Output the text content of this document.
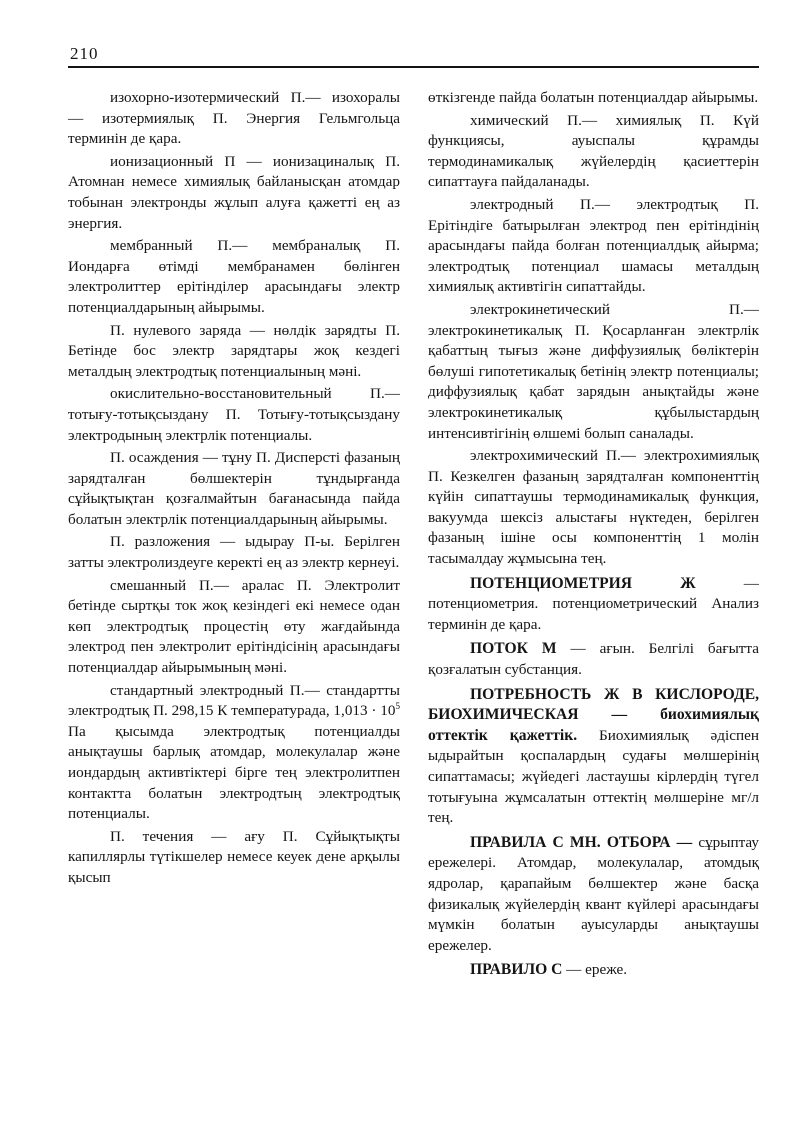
210

изохорно-изотермический П.— изохоралы — изотермиялық П. Энергия Гельмгольца терминін де қара.

ионизационный П — ионизациналық П. Атомнан немесе химиялық байланысқан атомдар тобынан электронды жұлып алуға қажетті ең аз энергия.

мембранный П.— мембраналық П. Иондарға өтімді мембранамен бөлінген электролиттер ерітінділер арасындағы электр потенциалдарының айырымы.

П. нулевого заряда — нөлдік зарядты П. Бетінде бос электр зарядтары жоқ кездегі металдың электродтық потенциалының мәні.

окислительно-восстановительный П.— тотығу-тотықсыздану П. Тотығу-тотықсыздану электродының электрлік потенциалы.

П. осаждения — тұну П. Дисперсті фазаның зарядталған бөлшектерін тұндырғанда сұйықтықтан қозғалмайтын бағанасында пайда болатын электрлік потенциалдарының айырымы.

П. разложения — ыдырау П-ы. Берілген затты электролиздеуге керекті ең аз электр кернеуі.

смешанный П.— аралас П. Электролит бетінде сыртқы ток жоқ кезіндегі екі немесе одан көп электродтық процестің өту жағдайында электрод пен электролит ерітіндісінің арасындағы потенциалдар айырымының мәні.

стандартный электродный П.— стандартты электродтық П. 298,15 К температурада, $1,013 \cdot 10^5$ Па қысымда электродтық потенциалды анықтаушы барлық атомдар, молекулалар және иондардың активтіктері бірге тең электролитпен контактта болатын электродтың электродтық потенциалы.

П. течения — ағу П. Сұйықтықты капиллярлы түтікшелер немесе кеуек дене арқылы қысып

өткізгенде пайда болатын потенциалдар айырымы.

химический П.— химиялық П. Күй функциясы, ауыспалы құрамды термодинамикалық жүйелердің қасиеттерін сипаттауға пайдаланады.

электродный П.— электродтық П. Ерітіндіге батырылған электрод пен ерітіндінің арасындағы пайда болған потенциалдық айырма; электродтық потенциал шамасы металдың химиялық активтігін сипаттайды.

электрокинетический П.— электрокинетикалық П. Қосарланған электрлік қабаттың тығыз және диффузиялық бөліктерін бөлуші гипотетикалық бетінің электр потенциалы; диффузиялық қабат зарядын анықтайды және электрокинетикалық құбылыстардың интенсивтігінің өлшемі болып саналады.

электрохимический П.— электрохимиялық П. Кезкелген фазаның зарядталған компоненттің күйін сипаттаушы термодинамикалық функция, вакуумда шексіз алыстағы нүктеден, берілген фазаның ішіне осы компоненттің 1 молін тасымалдау жұмысына тең.

ПОТЕНЦИОМЕТРИЯ Ж — потенциометрия. потенциометрический Анализ терминін де қара.

ПОТОК М — ағын. Белгілі бағытта қозғалатын субстанция.

ПОТРЕБНОСТЬ Ж В КИСЛОРОДЕ, БИОХИМИЧЕСКАЯ — биохимиялық оттектік қажеттік. Биохимиялық әдіспен ыдырайтын қоспалардың судағы мөлшерінің сипаттамасы; жүйедегі ластаушы кірлердің түгел тотығуына жұмсалатын оттектің мөлшеріне мг/л тең.

ПРАВИЛА С МН. ОТБОРА — сұрыптау ережелері. Атомдар, молекулалар, атомдық ядролар, қарапайым бөлшектер және басқа физикалық жүйелердің квант күйлері арасындағы мүмкін болатын ауысуларды анықтаушы ережелер.

ПРАВИЛО С — ереже.
